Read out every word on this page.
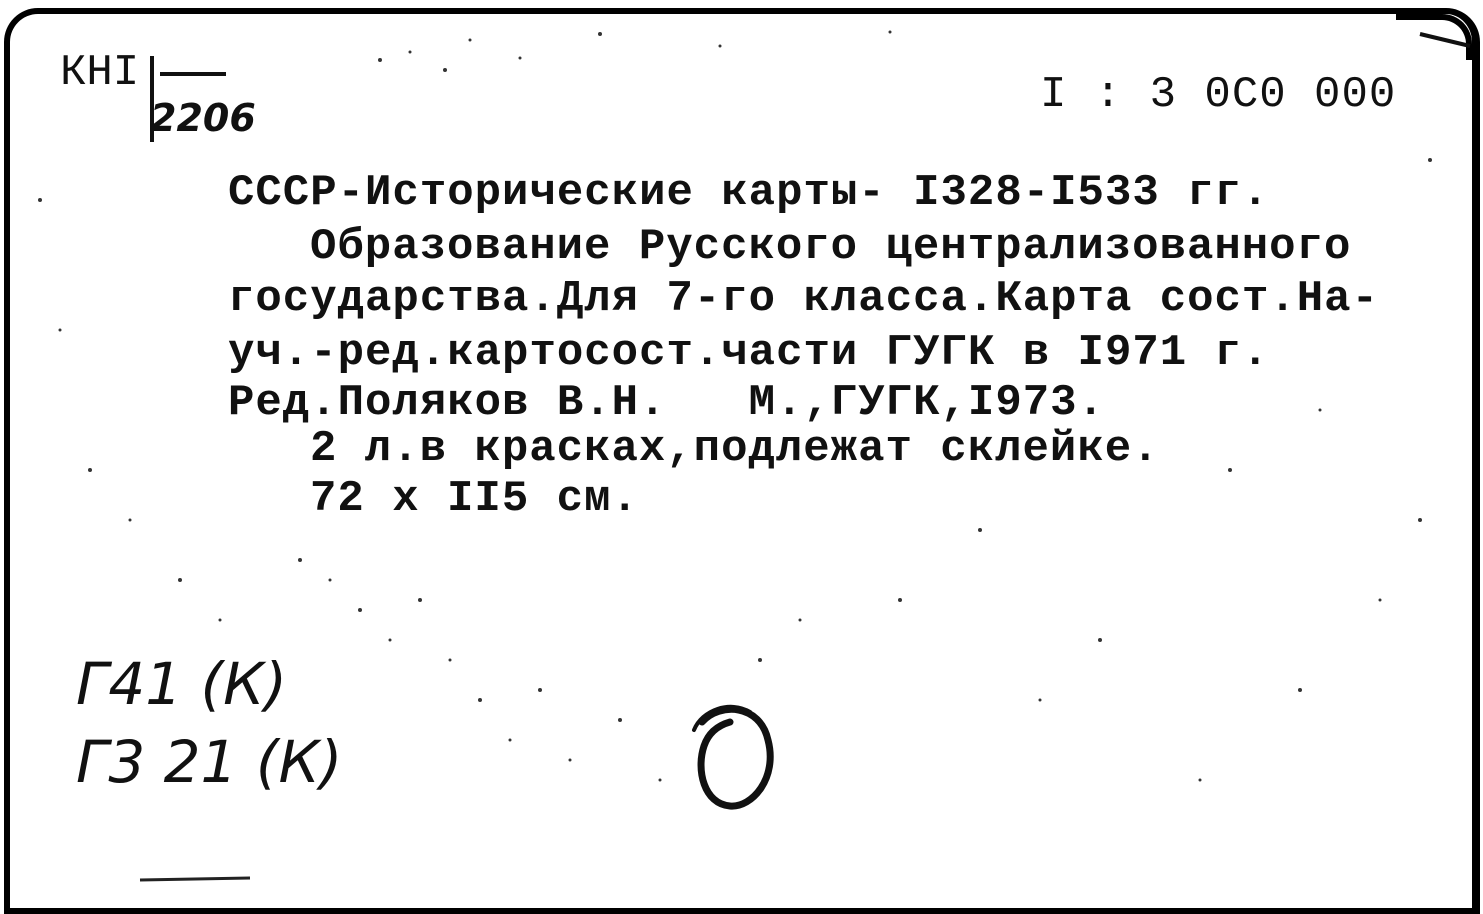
КНI
2206	I : 3 0С0 000
СССР-Исторические карты- I328-I533 гг.
Образование Русского централизованного
государства.Для 7-го класса.Карта сост.На-
уч.-ред.картосост.части ГУГК в I971 г.
Ред.Поляков В.Н.   М.,ГУГК,I973.
2 л.в красках,подлежат склейке.
72 х II5 см.
Г41 (К)
Г3 21 (К)
